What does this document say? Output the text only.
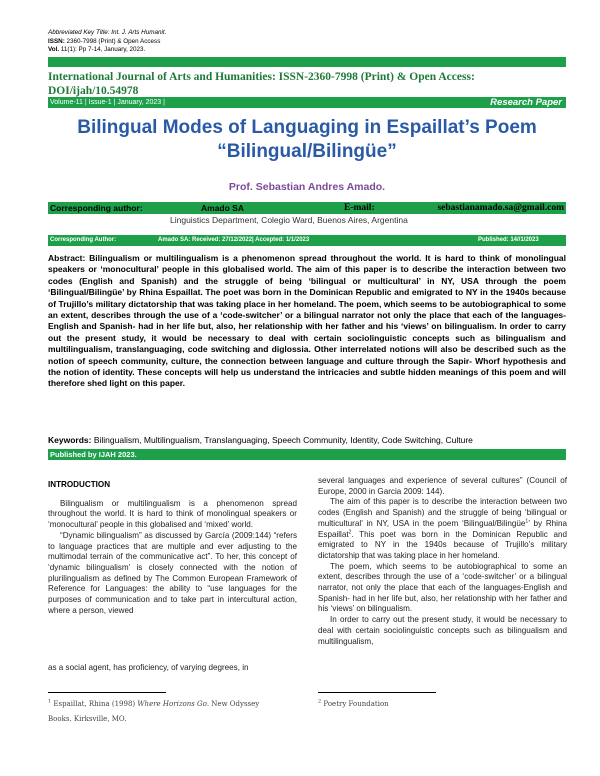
Abbreviated Key Title: Int. J. Arts Humanit.
ISSN: 2360-7998 (Print) & Open Access
Vol. 11(1): Pp 7-14, January, 2023.
International Journal of Arts and Humanities: ISSN-2360-7998 (Print) & Open Access: DOI/ijah/10.54978
Volume-11 | Issue-1 | January, 2023 |	Research Paper
Bilingual Modes of Languaging in Espaillat’s Poem
“Bilingual/Bilingüe”
Prof. Sebastian Andres Amado.
Corresponding author:	Amado SA	E-mail:	sebastianamado.sa@gmail.com
Linguistics Department, Colegio Ward, Buenos Aires, Argentina
Corresponding Author:	Amado SA: Received: 27/12/2022| Accepted: 1/1/2023	Published: 14//1/2023
Abstract: Bilingualism or multilingualism is a phenomenon spread throughout the world. It is hard to think of monolingual speakers or ‘monocultural’ people in this globalised world. The aim of this paper is to describe the interaction between two codes (English and Spanish) and the struggle of being ‘bilingual or multicultural’ in NY, USA through the poem ‘Bilingual/Bilingüe’ by Rhina Espaillat. The poet was born in the Dominican Republic and emigrated to NY in the 1940s because of Trujillo’s military dictatorship that was taking place in her homeland. The poem, which seems to be autobiographical to some an extent, describes through the use of a ‘code-switcher’ or a bilingual narrator not only the place that each of the languages-English and Spanish- had in her life but, also, her relationship with her father and his ‘views’ on bilingualism. In order to carry out the present study, it would be necessary to deal with certain sociolinguistic concepts such as bilingualism and multilingualism, translanguaging, code switching and diglossia. Other interrelated notions will also be described such as the notion of speech community, culture, the connection between language and culture through the Sapir- Whorf hypothesis and the notion of identity. These concepts will help us understand the intricacies and subtle hidden meanings of this poem and will therefore shed light on this paper.
Keywords: Bilingualism, Multilingualism, Translanguaging, Speech Community, Identity, Code Switching, Culture
Published by IJAH 2023.
INTRODUCTION

Bilingualism or multilingualism is a phenomenon spread throughout the world. It is hard to think of monolingual speakers or ‘monocultural’ people in this globalised and ‘mixed’ world.

“Dynamic bilingualism” as discussed by García (2009:144) “refers to language practices that are multiple and ever adjusting to the multimodal terrain of the communicative act”. To her, this concept of ‘dynamic bilingualism’ is closely connected with the notion of plurilingualism as defined by The Common European Framework of Reference for Languages: the ability to “use languages for the purposes of communication and to take part in intercultural action, where a person, viewed

as a social agent, has proficiency, of varying degrees, in

several languages and experience of several cultures” (Council of Europe, 2000 in Garcia 2009: 144).

The aim of this paper is to describe the interaction between two codes (English and Spanish) and the struggle of being ‘bilingual or multicultural’ in NY, USA in the poem ‘Bilingual/Bilingüe$^1$’ by Rhina Espaillat$^2$. This poet was born in the Dominican Republic and emigrated to NY in the 1940s because of Trujillo’s military dictatorship that was taking place in her homeland.

The poem, which seems to be autobiographical to some an extent, describes through the use of a ‘code-switcher’ or a bilingual narrator, not only the place that each of the languages-English and Spanish- had in her life but, also, her relationship with her father and his ‘views’ on bilingualism.

In order to carry out the present study, it would be necessary to deal with certain sociolinguistic concepts such as bilingualism and multilingualism,

$^1$ Espaillat, Rhina (1998) Where Horizons Go. New Odyssey
Books. Kirksville, MO.
$^2$ Poetry Foundation
